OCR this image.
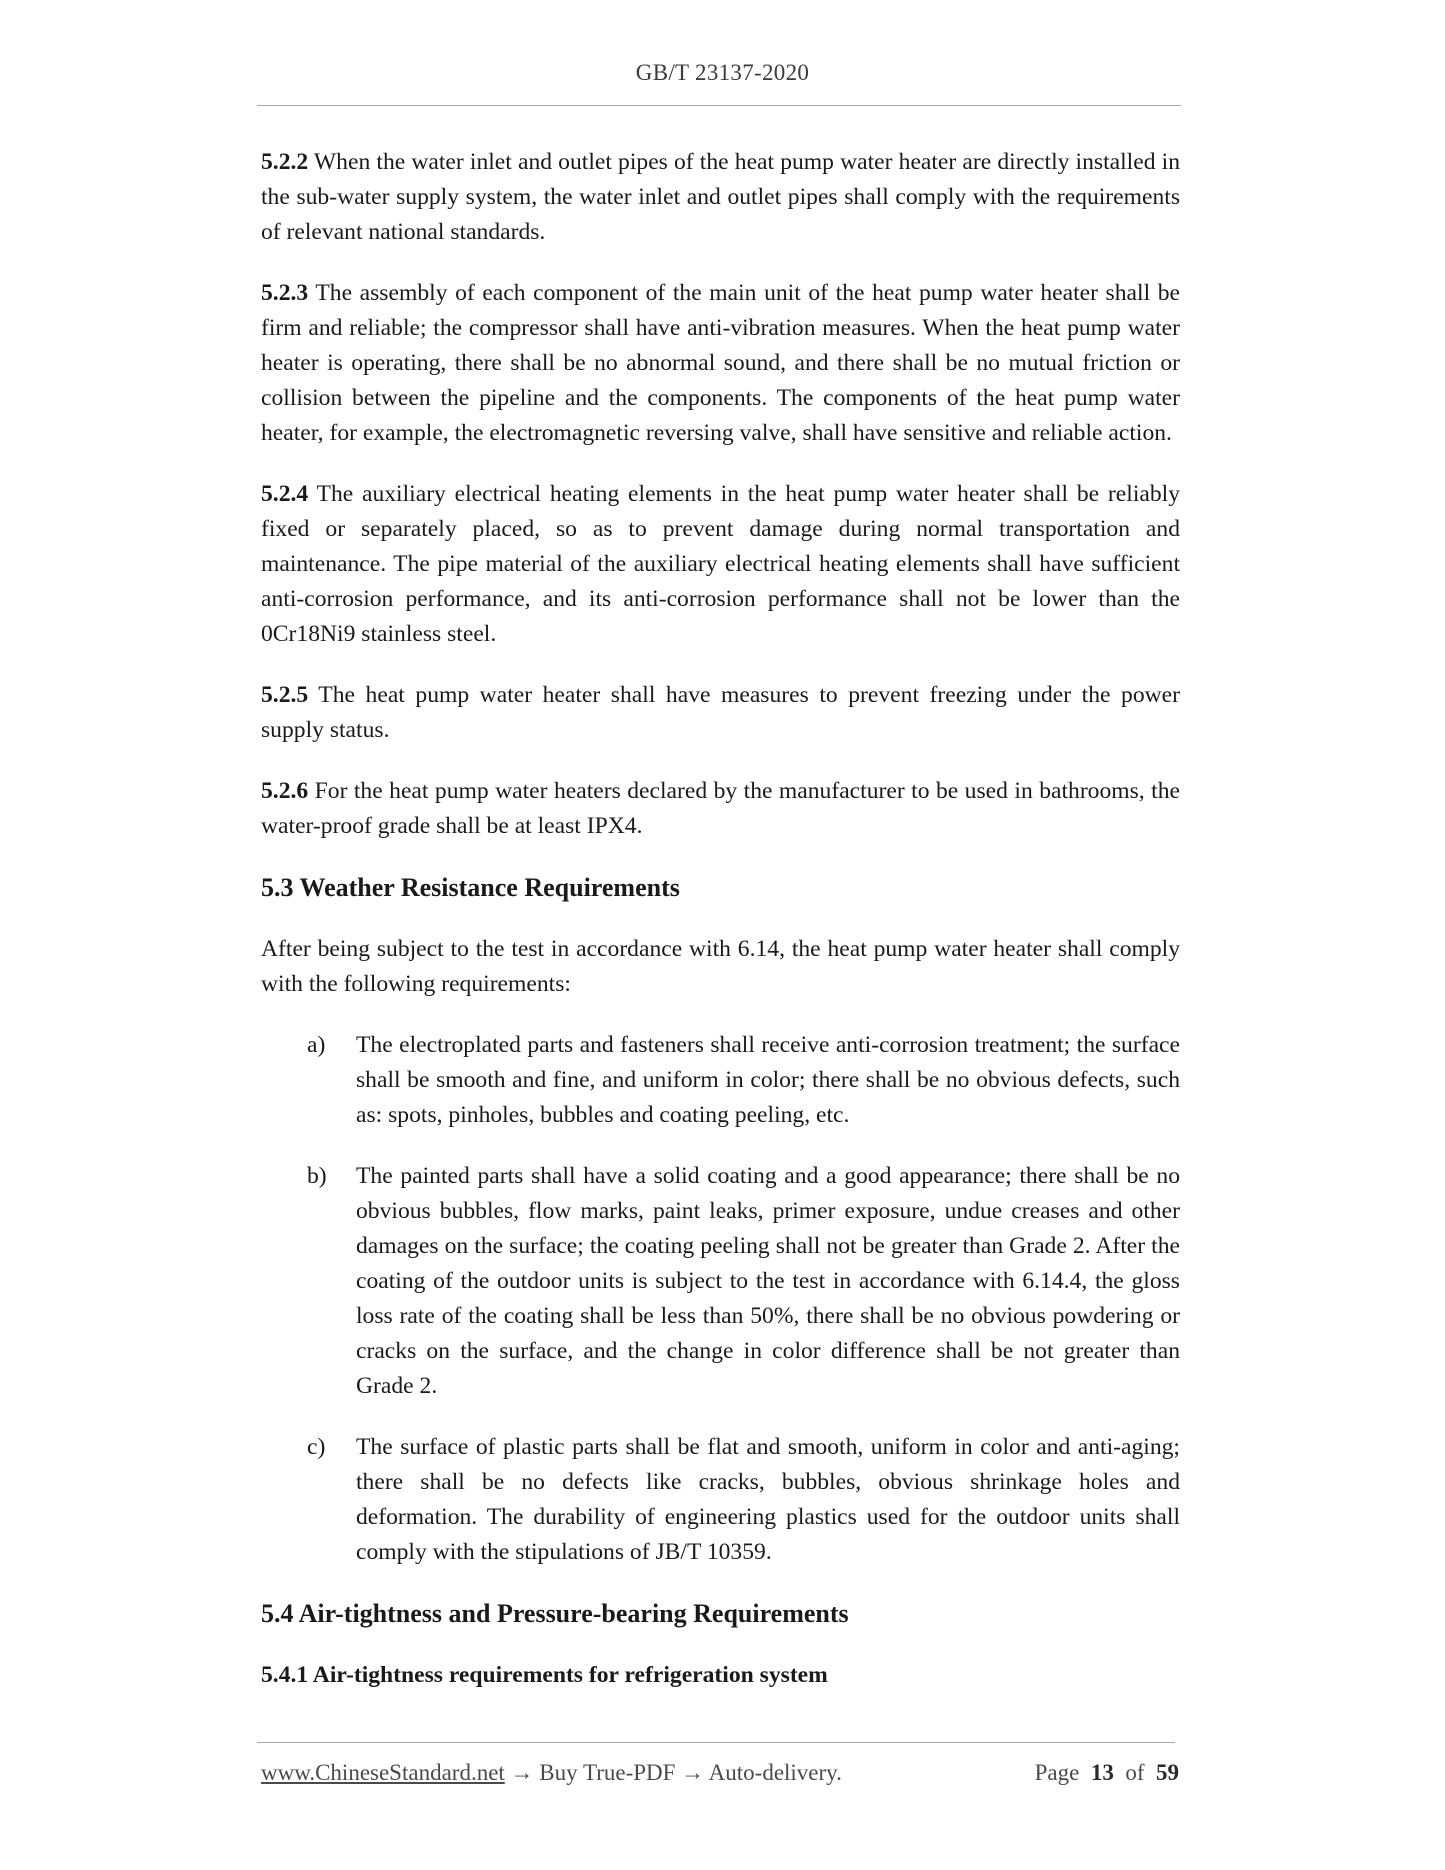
GB/T 23137-2020

5.2.2 When the water inlet and outlet pipes of the heat pump water heater are directly installed in the sub-water supply system, the water inlet and outlet pipes shall comply with the requirements of relevant national standards.

5.2.3 The assembly of each component of the main unit of the heat pump water heater shall be firm and reliable; the compressor shall have anti-vibration measures. When the heat pump water heater is operating, there shall be no abnormal sound, and there shall be no mutual friction or collision between the pipeline and the components. The components of the heat pump water heater, for example, the electromagnetic reversing valve, shall have sensitive and reliable action.

5.2.4 The auxiliary electrical heating elements in the heat pump water heater shall be reliably fixed or separately placed, so as to prevent damage during normal transportation and maintenance. The pipe material of the auxiliary electrical heating elements shall have sufficient anti-corrosion performance, and its anti-corrosion performance shall not be lower than the 0Cr18Ni9 stainless steel.

5.2.5 The heat pump water heater shall have measures to prevent freezing under the power supply status.

5.2.6 For the heat pump water heaters declared by the manufacturer to be used in bathrooms, the water-proof grade shall be at least IPX4.

5.3 Weather Resistance Requirements

After being subject to the test in accordance with 6.14, the heat pump water heater shall comply with the following requirements:

a) The electroplated parts and fasteners shall receive anti-corrosion treatment; the surface shall be smooth and fine, and uniform in color; there shall be no obvious defects, such as: spots, pinholes, bubbles and coating peeling, etc.
b) The painted parts shall have a solid coating and a good appearance; there shall be no obvious bubbles, flow marks, paint leaks, primer exposure, undue creases and other damages on the surface; the coating peeling shall not be greater than Grade 2. After the coating of the outdoor units is subject to the test in accordance with 6.14.4, the gloss loss rate of the coating shall be less than 50%, there shall be no obvious powdering or cracks on the surface, and the change in color difference shall be not greater than Grade 2.
c) The surface of plastic parts shall be flat and smooth, uniform in color and anti-aging; there shall be no defects like cracks, bubbles, obvious shrinkage holes and deformation. The durability of engineering plastics used for the outdoor units shall comply with the stipulations of JB/T 10359.
5.4 Air-tightness and Pressure-bearing Requirements
5.4.1 Air-tightness requirements for refrigeration system
www.ChineseStandard.net → Buy True-PDF → Auto-delivery.	Page 13 of 59
